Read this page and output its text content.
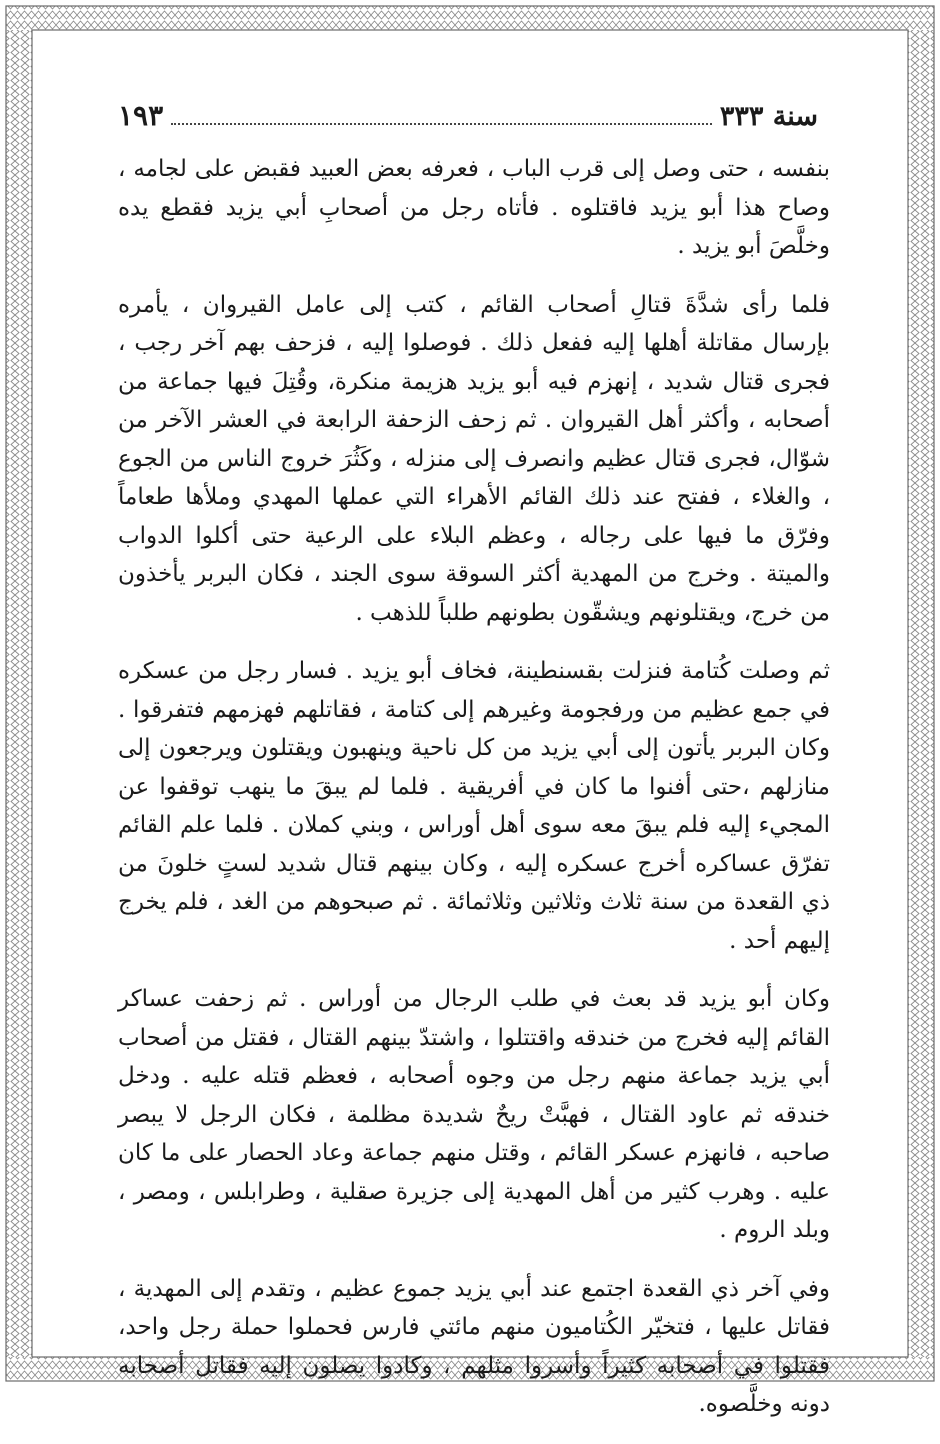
سنة ٣٣٣
١٩٣

بنفسه ، حتى وصل إلى قرب الباب ، فعرفه بعض العبيد فقبض على لجامه ، وصاح هذا أبو يزيد فاقتلوه . فأتاه رجل من أصحابِ أبي يزيد فقطع يده وخلَّصَ أبو يزيد .

فلما رأى شدَّةَ قتالِ أصحاب القائم ، كتب إلى عامل القيروان ، يأمره بإرسال مقاتلة أهلها إليه ففعل ذلك . فوصلوا إليه ، فزحف بهم آخر رجب ، فجرى قتال شديد ، إنهزم فيه أبو يزيد هزيمة منكرة، وقُتِلَ فيها جماعة من أصحابه ، وأكثر أهل القيروان . ثم زحف الزحفة الرابعة في العشر الآخر من شوّال، فجرى قتال عظيم وانصرف إلى منزله ، وكَثُرَ خروج الناس من الجوع ، والغلاء ، ففتح عند ذلك القائم الأهراء التي عملها المهدي وملأها طعاماً وفرّق ما فيها على رجاله ، وعظم البلاء على الرعية حتى أكلوا الدواب والميتة . وخرج من المهدية أكثر السوقة سوى الجند ، فكان البربر يأخذون من خرج، ويقتلونهم ويشقّون بطونهم طلباً للذهب .

ثم وصلت كُتامة فنزلت بقسنطينة، فخاف أبو يزيد . فسار رجل من عسكره في جمع عظيم من ورفجومة وغيرهم إلى كتامة ، فقاتلهم فهزمهم فتفرقوا . وكان البربر يأتون إلى أبي يزيد من كل ناحية وينهبون ويقتلون ويرجعون إلى منازلهم ،حتى أفنوا ما كان في أفريقية . فلما لم يبقَ ما ينهب توقفوا عن المجيء إليه فلم يبقَ معه سوى أهل أوراس ، وبني كملان . فلما علم القائم تفرّق عساكره أخرج عسكره إليه ، وكان بينهم قتال شديد لستٍ خلونَ من ذي القعدة من سنة ثلاث وثلاثين وثلاثمائة . ثم صبحوهم من الغد ، فلم يخرج إليهم أحد .

وكان أبو يزيد قد بعث في طلب الرجال من أوراس . ثم زحفت عساكر القائم إليه فخرج من خندقه واقتتلوا ، واشتدّ بينهم القتال ، فقتل من أصحاب أبي يزيد جماعة منهم رجل من وجوه أصحابه ، فعظم قتله عليه . ودخل خندقه ثم عاود القتال ، فهبَّتْ ريحٌ شديدة مظلمة ، فكان الرجل لا يبصر صاحبه ، فانهزم عسكر القائم ، وقتل منهم جماعة وعاد الحصار على ما كان عليه . وهرب كثير من أهل المهدية إلى جزيرة صقلية ، وطرابلس ، ومصر ، وبلد الروم .

وفي آخر ذي القعدة اجتمع عند أبي يزيد جموع عظيم ، وتقدم إلى المهدية ، فقاتل عليها ، فتخيّر الكُتاميون منهم مائتي فارس فحملوا حملة رجل واحد، فقتلوا في أصحابه كثيراً وأسروا مثلهم ، وكادوا يصلون إليه فقاتل أصحابه دونه وخلَّصوه.
